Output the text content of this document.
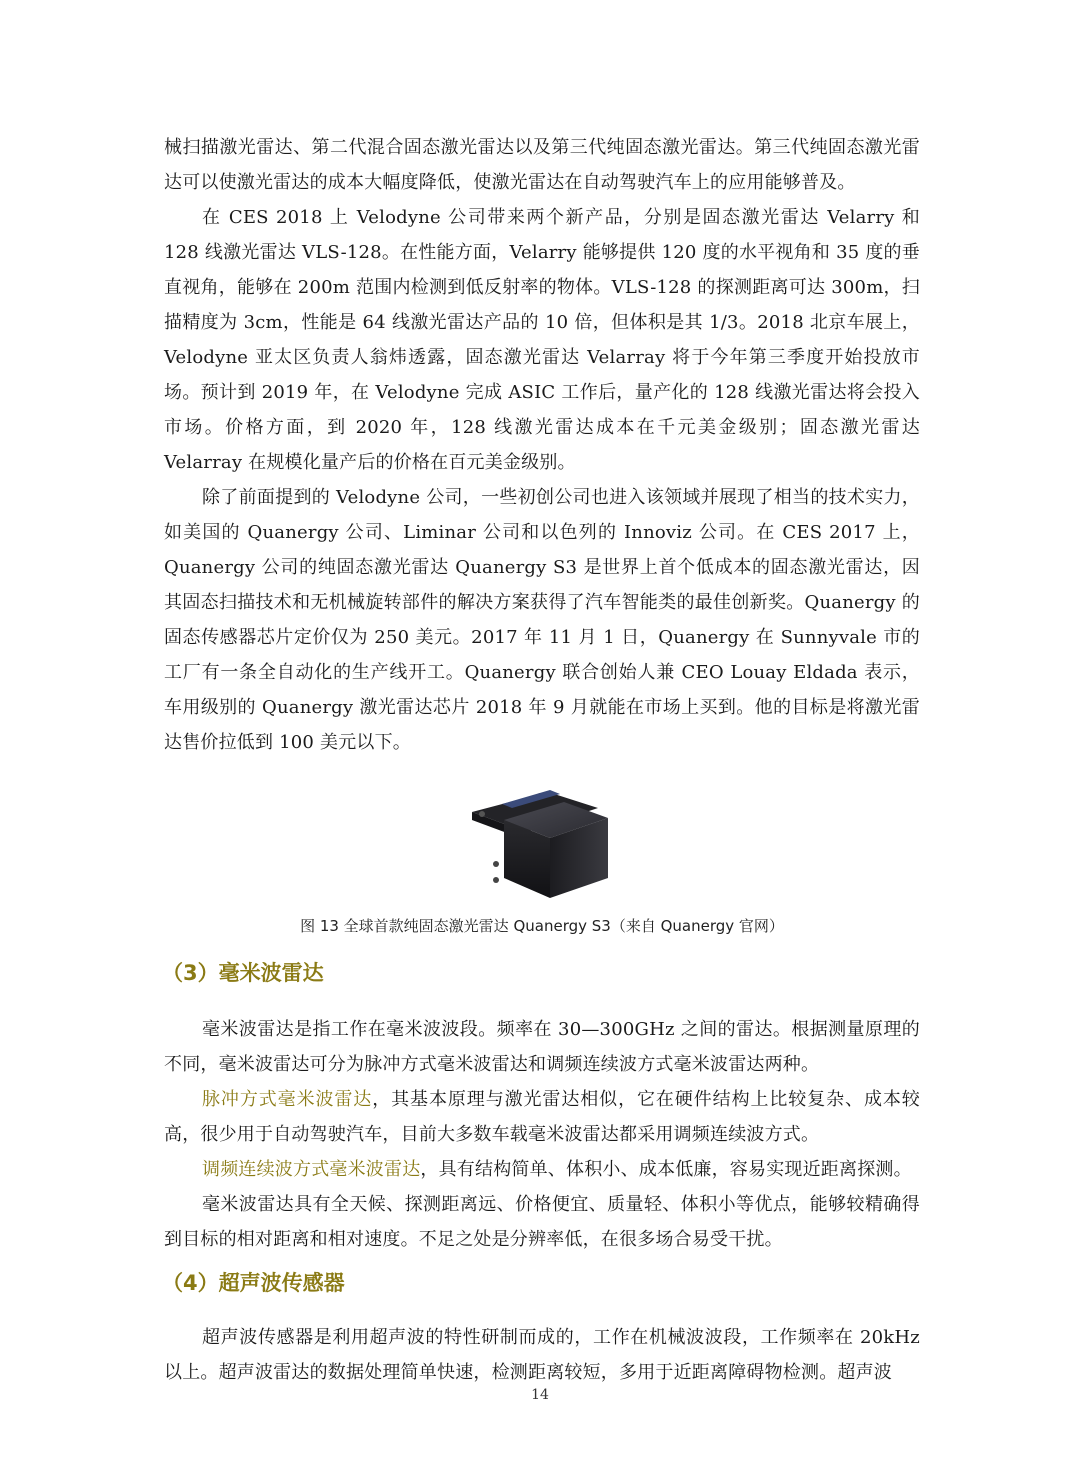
械扫描激光雷达、第二代混合固态激光雷达以及第三代纯固态激光雷达。第三代纯固态激光雷达可以使激光雷达的成本大幅度降低，使激光雷达在自动驾驶汽车上的应用能够普及。

在 CES 2018 上 Velodyne 公司带来两个新产品，分别是固态激光雷达 Velarry 和 128 线激光雷达 VLS-128。在性能方面，Velarry 能够提供 120 度的水平视角和 35 度的垂直视角，能够在 200m 范围内检测到低反射率的物体。VLS-128 的探测距离可达 300m，扫描精度为 3cm，性能是 64 线激光雷达产品的 10 倍，但体积是其 1/3。2018 北京车展上，Velodyne 亚太区负责人翁炜透露，固态激光雷达 Velarray 将于今年第三季度开始投放市场。预计到 2019 年，在 Velodyne 完成 ASIC 工作后，量产化的 128 线激光雷达将会投入市场。价格方面，到 2020 年，128 线激光雷达成本在千元美金级别；固态激光雷达 Velarray 在规模化量产后的价格在百元美金级别。

除了前面提到的 Velodyne 公司，一些初创公司也进入该领域并展现了相当的技术实力，如美国的 Quanergy 公司、Liminar 公司和以色列的 Innoviz 公司。在 CES 2017 上，Quanergy 公司的纯固态激光雷达 Quanergy S3 是世界上首个低成本的固态激光雷达，因其固态扫描技术和无机械旋转部件的解决方案获得了汽车智能类的最佳创新奖。Quanergy 的固态传感器芯片定价仅为 250 美元。2017 年 11 月 1 日，Quanergy 在 Sunnyvale 市的工厂有一条全自动化的生产线开工。Quanergy 联合创始人兼 CEO Louay Eldada 表示，车用级别的 Quanergy 激光雷达芯片 2018 年 9 月就能在市场上买到。他的目标是将激光雷达售价拉低到 100 美元以下。

图 13 全球首款纯固态激光雷达 Quanergy S3（来自 Quanergy 官网）
（3）毫米波雷达

毫米波雷达是指工作在毫米波波段。频率在 30—300GHz 之间的雷达。根据测量原理的不同，毫米波雷达可分为脉冲方式毫米波雷达和调频连续波方式毫米波雷达两种。

脉冲方式毫米波雷达，其基本原理与激光雷达相似，它在硬件结构上比较复杂、成本较高，很少用于自动驾驶汽车，目前大多数车载毫米波雷达都采用调频连续波方式。

调频连续波方式毫米波雷达，具有结构简单、体积小、成本低廉，容易实现近距离探测。

毫米波雷达具有全天候、探测距离远、价格便宜、质量轻、体积小等优点，能够较精确得到目标的相对距离和相对速度。不足之处是分辨率低，在很多场合易受干扰。

（4）超声波传感器

超声波传感器是利用超声波的特性研制而成的，工作在机械波波段，工作频率在 20kHz 以上。超声波雷达的数据处理简单快速，检测距离较短，多用于近距离障碍物检测。超声波

14
